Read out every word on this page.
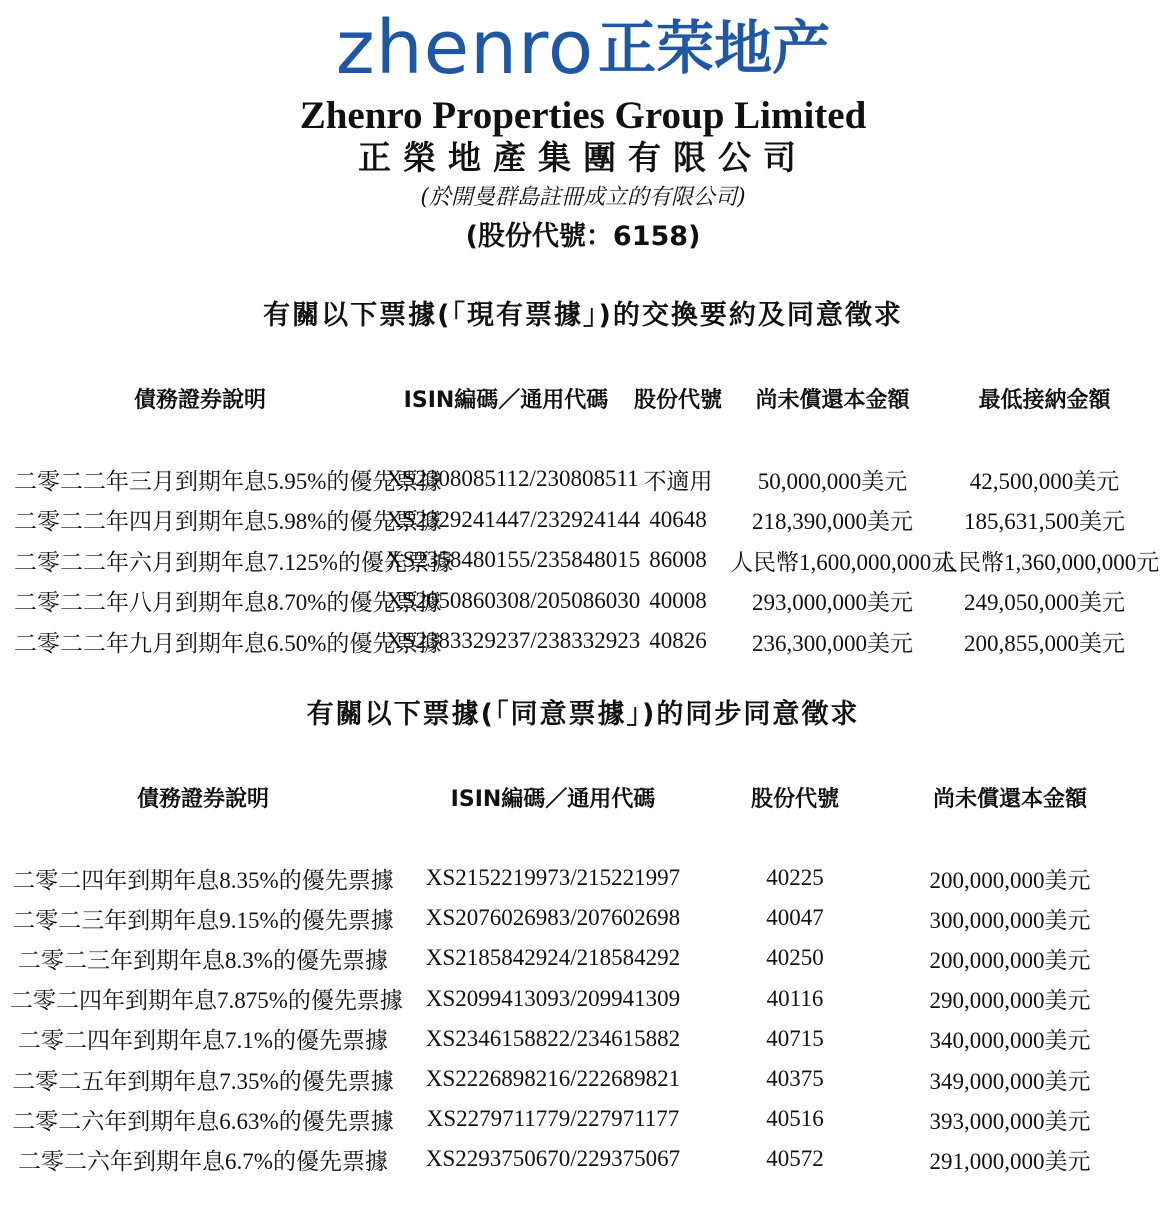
zhenro正荣地产
Zhenro Properties Group Limited
正榮地產集團有限公司
(於開曼群島註冊成立的有限公司)
(股份代號：6158)
有關以下票據(「現有票據」)的交換要約及同意徵求
債務證券說明	ISIN編碼／通用代碼	股份代號	尚未償還本金額	最低接納金額

二零二二年三月到期年息5.95%的優先票據	XS2308085112/230808511	不適用	50,000,000美元	42,500,000美元
二零二二年四月到期年息5.98%的優先票據	XS2329241447/232924144	40648	218,390,000美元	185,631,500美元
二零二二年六月到期年息7.125%的優先票據	XS2358480155/235848015	86008	人民幣1,600,000,000元	人民幣1,360,000,000元
二零二二年八月到期年息8.70%的優先票據	XS2050860308/205086030	40008	293,000,000美元	249,050,000美元
二零二二年九月到期年息6.50%的優先票據	XS2383329237/238332923	40826	236,300,000美元	200,855,000美元
有關以下票據(「同意票據」)的同步同意徵求
債務證券說明	ISIN編碼／通用代碼	股份代號	尚未償還本金額

二零二四年到期年息8.35%的優先票據	XS2152219973/215221997	40225	200,000,000美元
二零二三年到期年息9.15%的優先票據	XS2076026983/207602698	40047	300,000,000美元
二零二三年到期年息8.3%的優先票據	XS2185842924/218584292	40250	200,000,000美元
二零二四年到期年息7.875%的優先票據	XS2099413093/209941309	40116	290,000,000美元
二零二四年到期年息7.1%的優先票據	XS2346158822/234615882	40715	340,000,000美元
二零二五年到期年息7.35%的優先票據	XS2226898216/222689821	40375	349,000,000美元
二零二六年到期年息6.63%的優先票據	XS2279711779/227971177	40516	393,000,000美元
二零二六年到期年息6.7%的優先票據	XS2293750670/229375067	40572	291,000,000美元
